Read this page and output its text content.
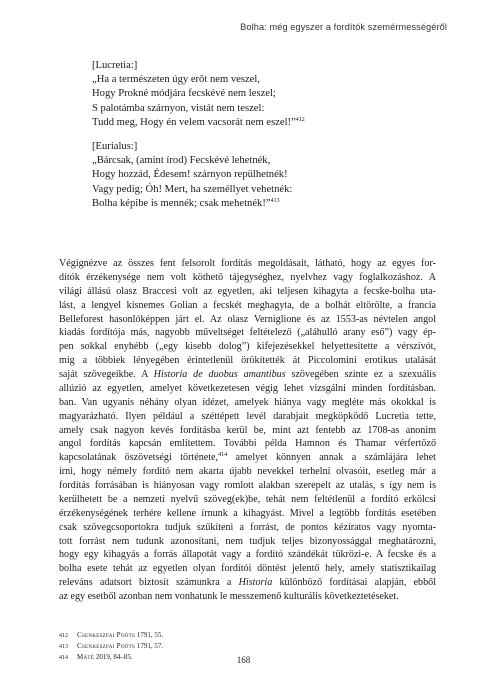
Bolha: még egyszer a fordítók szemérmességéről
[Lucretia:]
„Ha a természeten úgy erőt nem veszel,
Hogy Prokné módjára fecskévé nem leszel;
S palotámba szárnyon, vistát nem teszel:
Tudd meg, Hogy én velem vacsorát nem eszel!”$^{412}$
[Eurialus:]
„Bárcsak, (amint írod) Fecskévé lehetnék,
Hogy hozzád, Édesem! szárnyon repülhetnék!
Vagy pedig; Óh! Mert, ha személlyet vehetnék:
Bolha képibe is mennék; csak mehetnék!”$^{413}$
Végignézve az összes fent felsorolt fordítás megoldásait, látható, hogy az egyes for-
dítók érzékenysége nem volt köthető tájegységhez, nyelvhez vagy foglalkozáshoz. A
világi állású olasz Braccesi volt az egyetlen, aki teljesen kihagyta a fecske-bolha uta-
lást, a lengyel kisnemes Golian a fecskét meghagyta, de a bolhát eltörölte, a francia
Belleforest hasonlóképpen járt el. Az olasz Verniglione és az 1553-as névtelen angol
kiadás fordítója más, nagyobb műveltséget feltételező („aláhulló arany eső”) vagy ép-
pen sokkal enyhébb („egy kisebb dolog”) kifejezésekkel helyettesítette a vérszívót,
míg a többiek lényegében érintetlenül örökítették át Piccolomini erotikus utalását
saját szövegeikbe. A Historia de duobus amantibus szövegében szinte ez a szexuális
allúzió az egyetlen, amelyet következetesen végig lehet vizsgálni minden fordításban.
ban. Van ugyanis néhány olyan idézet, amelyek hiánya vagy megléte más okokkal is
magyarázható. Ilyen például a széttépett levél darabjait megköpködő Lucretia tette,
amely csak nagyon kevés fordításba kerül be, mint azt fentebb az 1708-as anonim
angol fordítás kapcsán említettem. További példa Hamnon és Thamar vérfertőző
kapcsolatának öszövetségi története,$^{414}$ amelyet könnyen annak a számlájára lehet
írni, hogy némely fordító nem akarta újabb nevekkel terhelni olvasóit, esetleg már a
fordítás forrásában is hiányosan vagy romlott alakban szerepelt az utalás, s így nem is
kerülhetett be a nemzeti nyelvű szöveg(ek)be, tehát nem feltétlenül a fordító erkölcsi
érzékenységének terhére kellene írnunk a kihagyást. Mivel a legtöbb fordítás esetében
csak szövegcsoportokra tudjuk szűkíteni a forrást, de pontos kéziratos vagy nyomta-
tott forrást nem tudunk azonosítani, nem tudjuk teljes bizonyossággal meghatározni,
hogy egy kihagyás a forrás állapotát vagy a fordító szándékát tükrözi-e. A fecske és a
bolha esete tehát az egyetlen olyan fordítói döntést jelentő hely, amely statisztikailag
releváns adatsort biztosít számunkra a Historia különböző fordításai alapján, ebből
az egy esetből azonban nem vonhatunk le messzemenő kulturális következtetéseket.
412 Csenkeszfai Poóts 1791, 55.
413 Csenkeszfai Poóts 1791, 57.
414 Máté 2019, 84–85.	168
